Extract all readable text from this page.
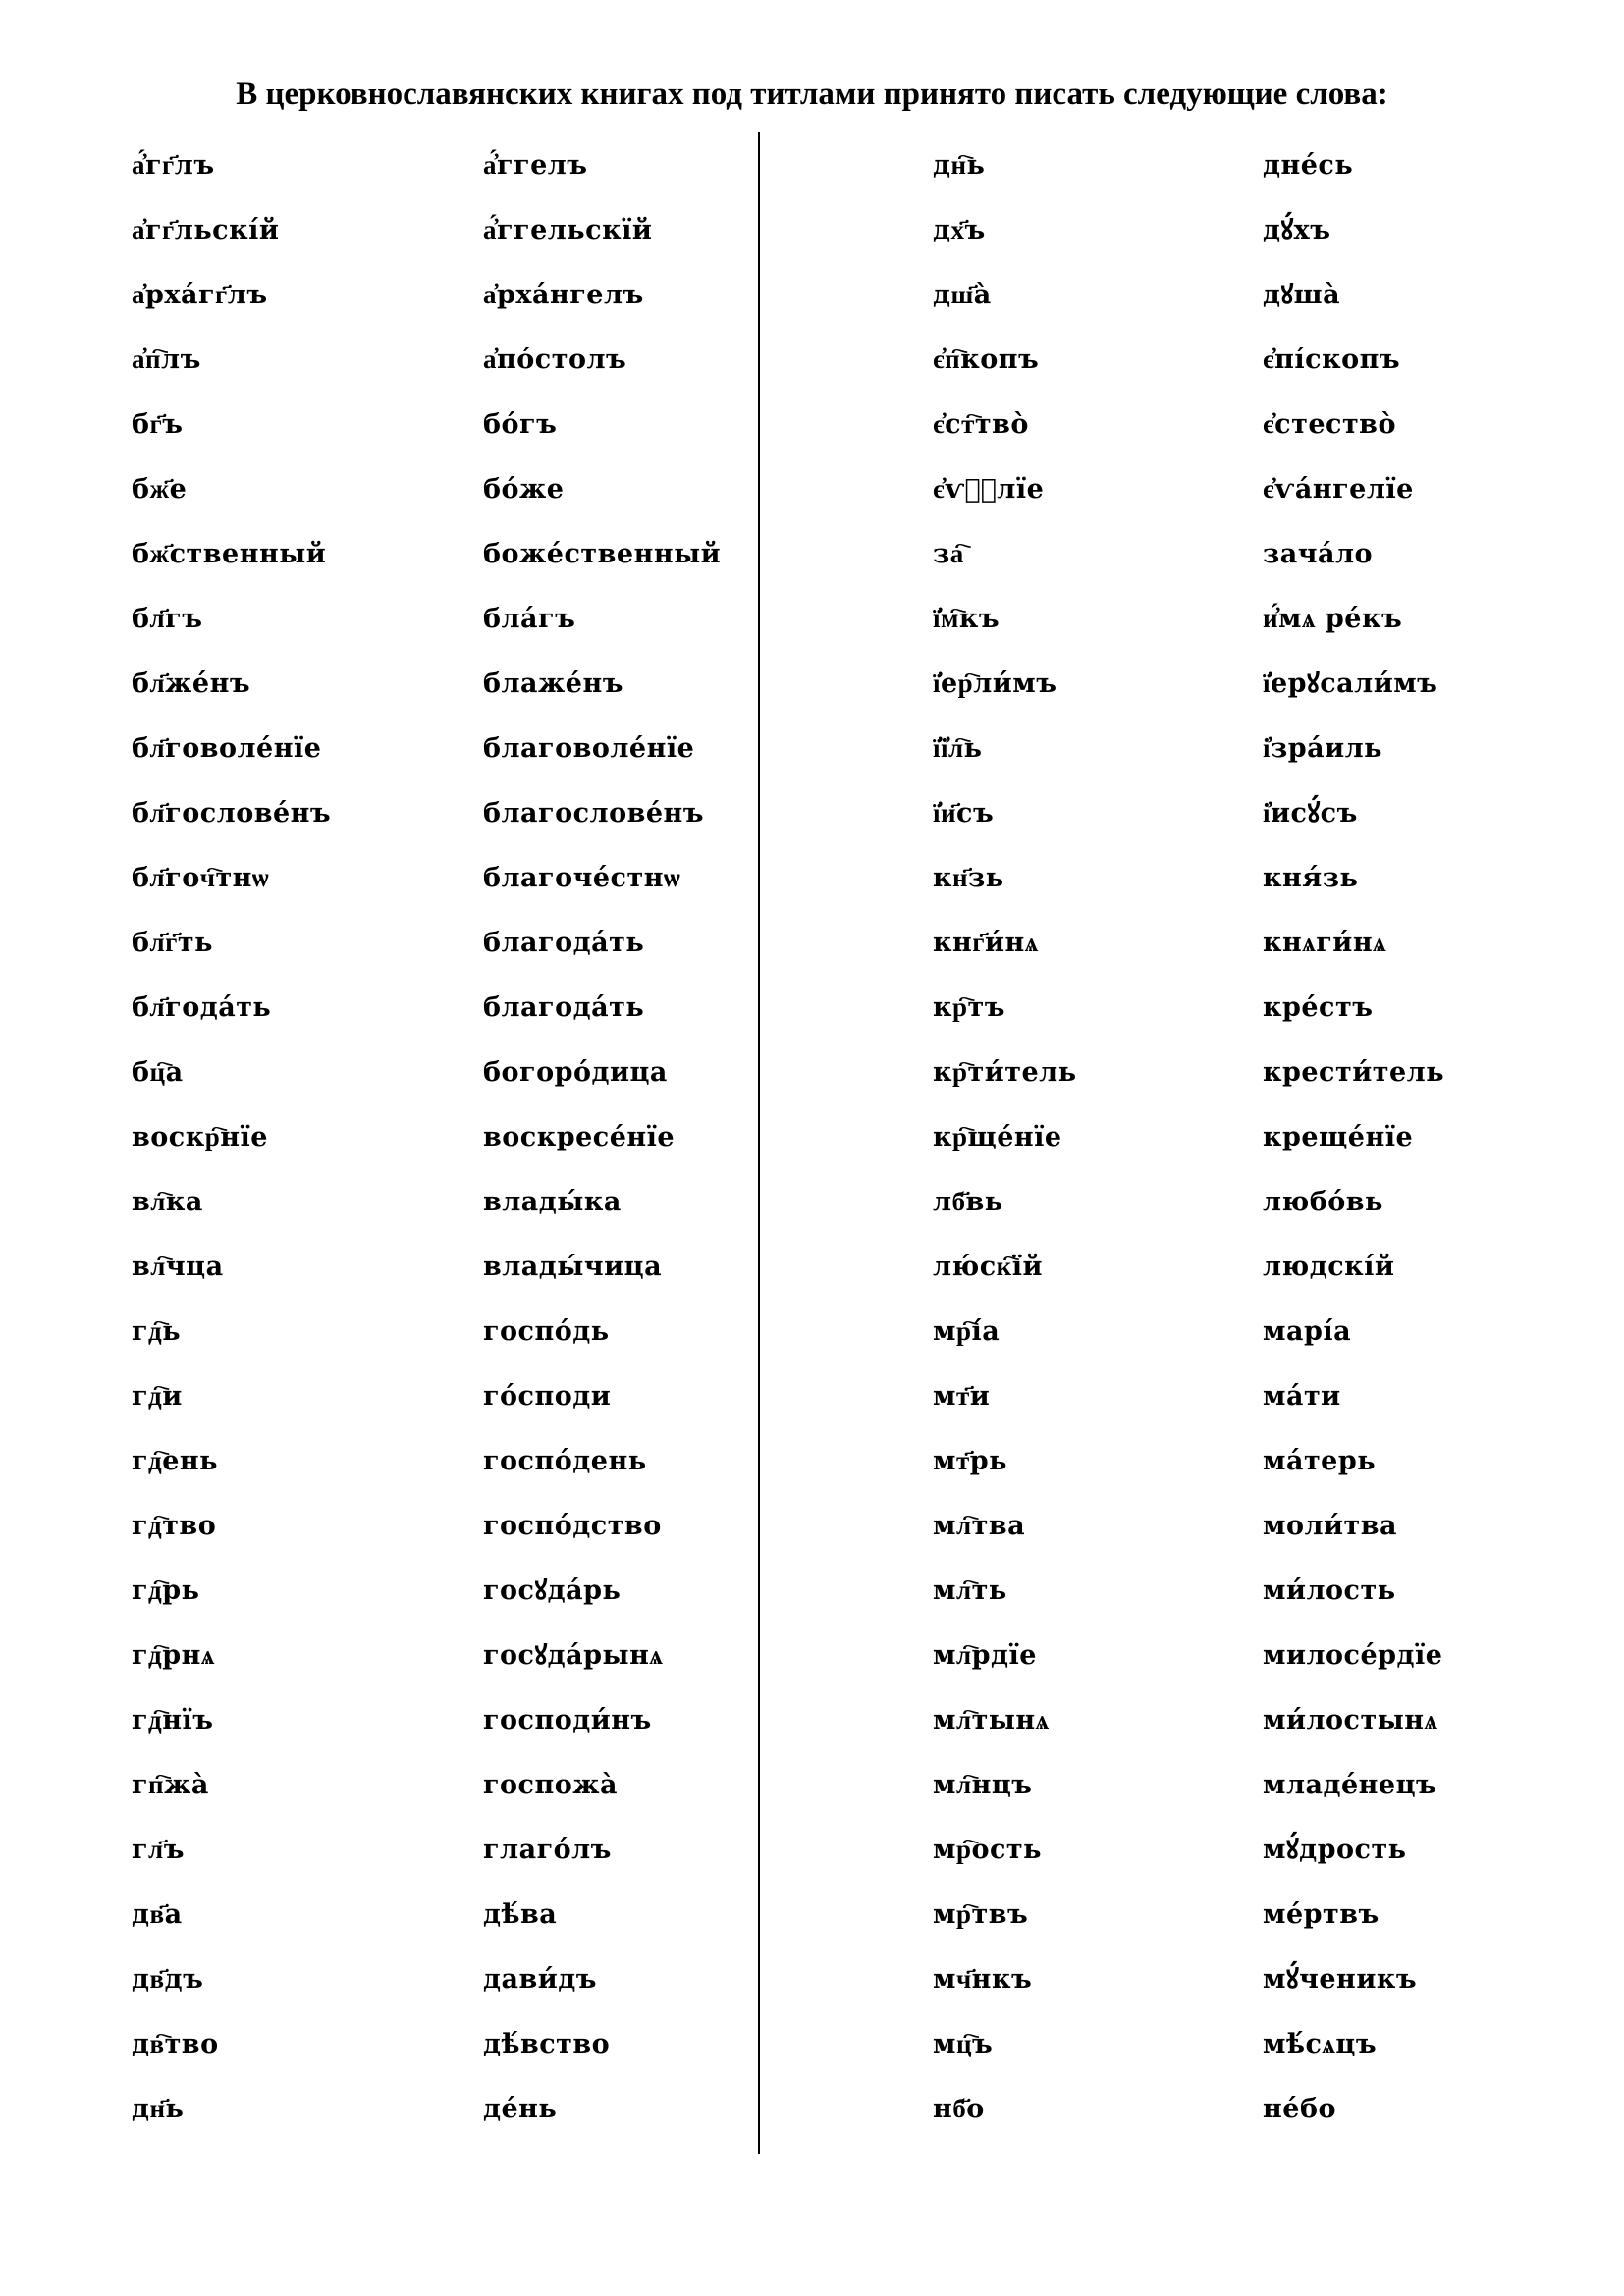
В церковнославянских книгах под титлами принято писать следующие слова:
а҆́гг҃лъ
а҆гг҃льскі́й
а҆рха́гг҃лъ
а҆п҇лъ
бг҃ъ
бж҃е
бж҃ственный
бл҃гъ
бл҃же́нъ
бл҃говоле́нїе
бл҃гослове́нъ
бл҃гоч҇тнѡ
бл҃г҃ть
бл҃года́ть
бц҇а
воскр҇нїе
вл҇ка
вл҇чца
гд҇ь
гд҇и
гд҇ень
гд҇тво
гд҇рь
гд҇рнѧ
гд҇нїъ
гп҇жа̀
гл҃ъ
дв҃а
дв҃дъ
дв҇тво
дн҃ь
а҆́ггелъ
а҆́ггельскїй
а҆рха́нгелъ
а҆по́столъ
бо́гъ
бо́же
боже́ственный
бла́гъ
блаже́нъ
благоволе́нїе
благослове́нъ
благоче́стнѡ
благода́ть
благода́ть
богоро́дица
воскресе́нїе
влады́ка
влады́чица
госпо́дь
го́споди
госпо́день
госпо́дство
госꙋда́рь
госꙋда́рынѧ
господи́нъ
госпожа̀
глаго́лъ
дѣ́ва
дави́дъ
дѣ́вство
де́нь
дн҇ь
дх҃ъ
дш҃а̀
є҆п҇копъ
є҆ст҇тво̀
є҆ѵⷢ҇лїе
за҇
ї҆м҇къ
ї҆ер҇ли́мъ
ї҆і҆л҇ь
ї҆и҃съ
кн҃зь
кнг҃и́нѧ
кр҇тъ
кр҇ти́тель
кр҇ще́нїе
лб҃вь
лю́ск҇їй
мр҇і́а
мт҃и
мт҃рь
мл҇тва
мл҇ть
мл҇рдїе
мл҇тынѧ
мл҇нцъ
мр҇ость
мр҇твъ
мч҃нкъ
мц҇ъ
нб҃о
дне́сь
дꙋ́хъ
дꙋша̀
є҆пі́скопъ
є҆стество̀
є҆ѵа́нгелїе
зача́ло
и҆́мѧ ре́къ
ї҆ерꙋсали́мъ
і҆зра́иль
і҆исꙋ́съ
кня́зь
кнѧги́нѧ
кре́стъ
крести́тель
креще́нїе
любо́вь
людскі́й
марі́а
ма́ти
ма́терь
моли́тва
ми́лость
милосе́рдїе
ми́лостынѧ
младе́нецъ
мꙋ́дрость
ме́ртвъ
мꙋ́ченикъ
мѣ́сѧцъ
не́бо
